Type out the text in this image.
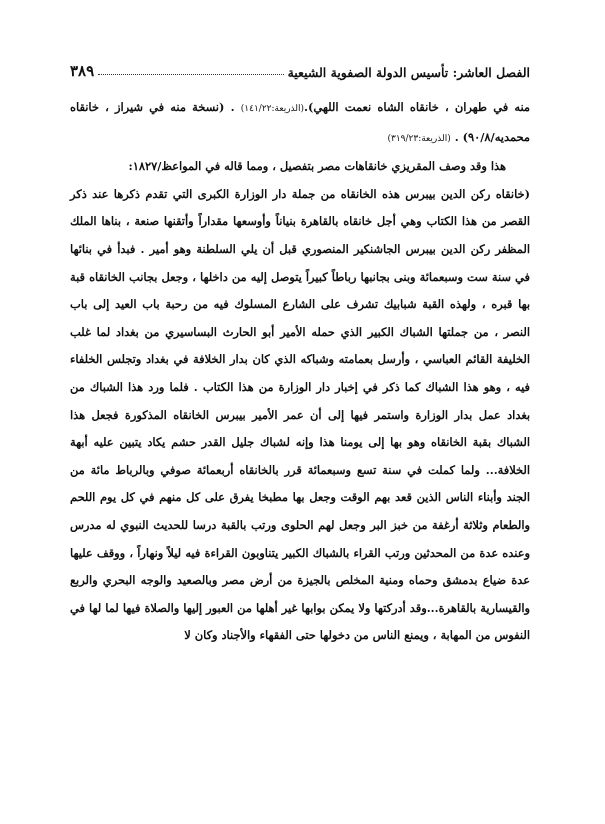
الفصل العاشر: تأسيس الدولة الصفوية الشيعية
٣٨٩

منه في طهران ، خانقاه الشاه نعمت اللهي).(الذريعة:١٤١/٢٢) . (نسخة منه في شيراز ، خانقاه محمديه/٩٠/٨) . (الذريعة:٣١٩/٢٣)

هذا وقد وصف المقريزي خانقاهات مصر بتفصيل ، ومما قاله في المواعظ/١٨٢٧:

(خانقاه ركن الدين بيبرس هذه الخانقاه من جملة دار الوزارة الكبرى التي تقدم ذكرها عند ذكر القصر من هذا الكتاب وهي أجل خانقاه بالقاهرة بنياناً وأوسعها مقداراً وأتقنها صنعة ، بناها الملك المظفر ركن الدين بيبرس الجاشنكير المنصوري قبل أن يلي السلطنة وهو أمير . فبدأ في بنائها في سنة ست وسبعمائة وبنى بجانبها رباطاً كبيراً يتوصل إليه من داخلها ، وجعل بجانب الخانقاه قبة بها قبره ، ولهذه القبة شبابيك تشرف على الشارع المسلوك فيه من رحبة باب العيد إلى باب النصر ، من جملتها الشباك الكبير الذي حمله الأمير أبو الحارث البساسيري من بغداد لما غلب الخليفة القائم العباسي ، وأرسل بعمامته وشباكه الذي كان بدار الخلافة في بغداد وتجلس الخلفاء فيه ، وهو هذا الشباك كما ذكر في إخبار دار الوزارة من هذا الكتاب . فلما ورد هذا الشباك من بغداد عمل بدار الوزارة واستمر فيها إلى أن عمر الأمير بيبرس الخانقاه المذكورة فجعل هذا الشباك بقبة الخانقاه وهو بها إلى يومنا هذا وإنه لشباك جليل القدر حشم يكاد يتبين عليه أبهة الخلافة... ولما كملت في سنة تسع وسبعمائة قرر بالخانقاه أربعمائة صوفي وبالرباط مائة من الجند وأبناء الناس الذين قعد بهم الوقت وجعل بها مطبخا يفرق على كل منهم في كل يوم اللحم والطعام وثلاثة أرغفة من خبز البر وجعل لهم الحلوى ورتب بالقبة درسا للحديث النبوي له مدرس وعنده عدة من المحدثين ورتب القراء بالشباك الكبير يتناوبون القراءة فيه ليلاً ونهاراً ، ووقف عليها عدة ضياع بدمشق وحماه ومنية المخلص بالجيزة من أرض مصر وبالصعيد والوجه البحري والربع والقيسارية بالقاهرة...وقد أدركتها ولا يمكن بوابها غير أهلها من العبور إليها والصلاة فيها لما لها في النفوس من المهابة ، ويمنع الناس من دخولها حتى الفقهاء والأجناد وكان لا
